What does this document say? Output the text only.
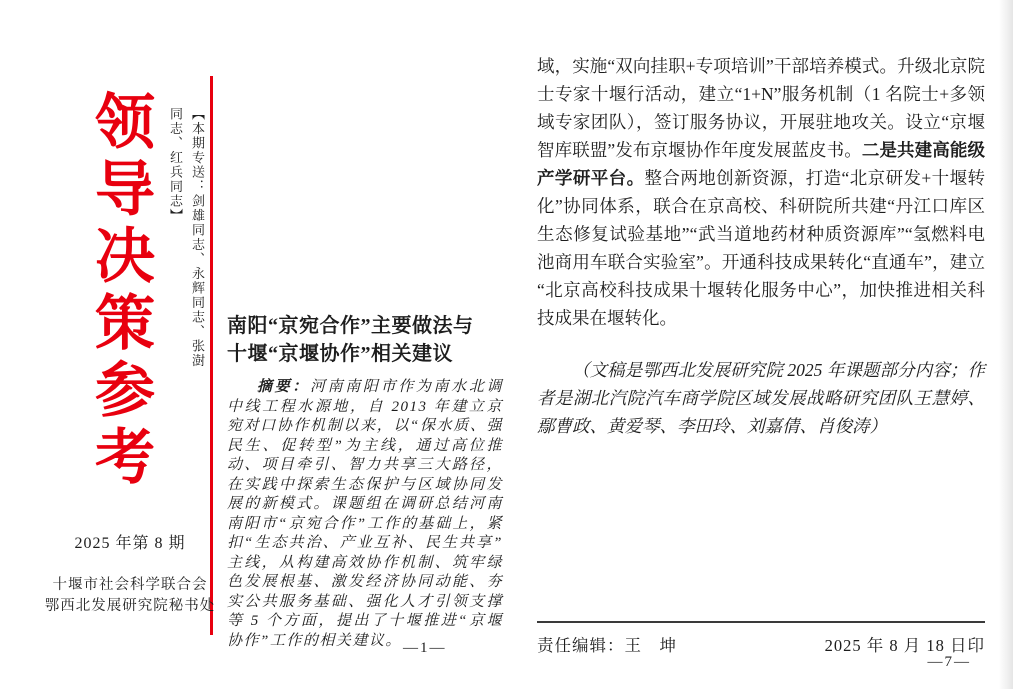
领
导
决
策
参
考
【本期专送：剑雄同志、永辉同志、张澍同志、红兵同志】
2025 年第 8 期
十堰市社会科学联合会
鄂西北发展研究院秘书处
南阳“京宛合作”主要做法与
十堰“京堰协作”相关建议

摘要：河南南阳市作为南水北调中线工程水源地，自 2013 年建立京宛对口协作机制以来，以“保水质、强民生、促转型”为主线，通过高位推动、项目牵引、智力共享三大路径，在实践中探索生态保护与区域协同发展的新模式。课题组在调研总结河南南阳市“京宛合作”工作的基础上，紧扣“生态共治、产业互补、民生共享”主线，从构建高效协作机制、筑牢绿色发展根基、激发经济协同动能、夯实公共服务基础、强化人才引领支撑等 5 个方面，提出了十堰推进“京堰协作”工作的相关建议。 —1—

域，实施“双向挂职+专项培训”干部培养模式。升级北京院士专家十堰行活动，建立“1+N”服务机制（1 名院士+多领域专家团队），签订服务协议，开展驻地攻关。设立“京堰智库联盟”发布京堰协作年度发展蓝皮书。二是共建高能级产学研平台。整合两地创新资源，打造“北京研发+十堰转化”协同体系，联合在京高校、科研院所共建“丹江口库区生态修复试验基地”“武当道地药材种质资源库”“氢燃料电池商用车联合实验室”。开通科技成果转化“直通车”，建立“北京高校科技成果十堰转化服务中心”，加快推进相关科技成果在堰转化。

（文稿是鄂西北发展研究院 2025 年课题部分内容；作者是湖北汽院汽车商学院区域发展战略研究团队王慧婷、鄢曹政、黄爱琴、李田玲、刘嘉倩、肖俊涛）

责任编辑：王　坤	2025 年 8 月 18 日印
—7—
